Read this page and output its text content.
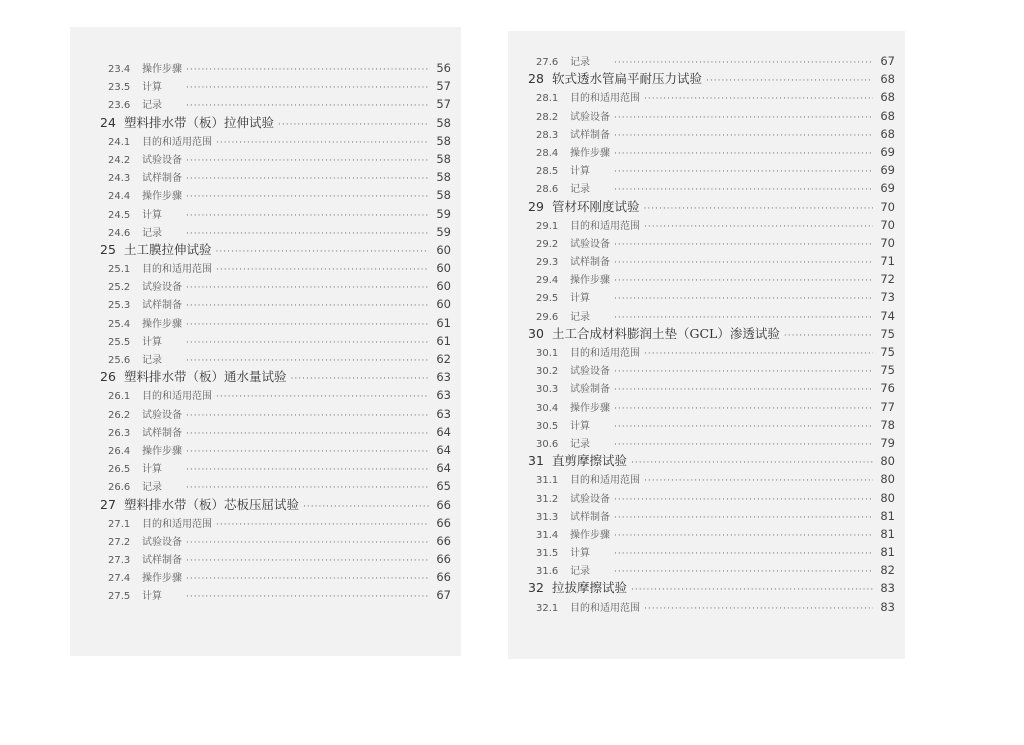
23.4	操作步骤 ·····	56
23.5	计算 ·····	57
23.6	记录 ·····	57
24 塑料排水带（板）拉伸试验 ·····	58
24.1	目的和适用范围 ·····	58
24.2	试验设备 ·····	58
24.3	试样制备 ·····	58
24.4	操作步骤 ·····	58
24.5	计算 ·····	59
24.6	记录 ·····	59
25 土工膜拉伸试验 ·····	60
25.1	目的和适用范围 ·····	60
25.2	试验设备 ·····	60
25.3	试样制备 ·····	60
25.4	操作步骤 ·····	61
25.5	计算 ·····	61
25.6	记录 ·····	62
26 塑料排水带（板）通水量试验 ·····	63
26.1	目的和适用范围 ·····	63
26.2	试验设备 ·····	63
26.3	试样制备 ·····	64
26.4	操作步骤 ·····	64
26.5	计算 ·····	64
26.6	记录 ·····	65
27 塑料排水带（板）芯板压屈试验 ·····	66
27.1	目的和适用范围 ·····	66
27.2	试验设备 ·····	66
27.3	试样制备 ·····	66
27.4	操作步骤 ·····	66
27.5	计算 ·····	67
27.6	记录 ·····	67
28 软式透水管扁平耐压力试验 ·····	68
28.1	目的和适用范围 ·····	68
28.2	试验设备 ·····	68
28.3	试样制备 ·····	68
28.4	操作步骤 ·····	69
28.5	计算 ·····	69
28.6	记录 ·····	69
29 管材环刚度试验 ·····	70
29.1	目的和适用范围 ·····	70
29.2	试验设备 ·····	70
29.3	试样制备 ·····	71
29.4	操作步骤 ·····	72
29.5	计算 ·····	73
29.6	记录 ·····	74
30 土工合成材料膨润土垫（GCL）渗透试验 ·····	75
30.1	目的和适用范围 ·····	75
30.2	试验设备 ·····	75
30.3	试验制备 ·····	76
30.4	操作步骤 ·····	77
30.5	计算 ·····	78
30.6	记录 ·····	79
31 直剪摩擦试验 ·····	80
31.1	目的和适用范围 ·····	80
31.2	试验设备 ·····	80
31.3	试样制备 ·····	81
31.4	操作步骤 ·····	81
31.5	计算 ·····	81
31.6	记录 ·····	82
32 拉拔摩擦试验 ·····	83
32.1	目的和适用范围 ·····	83
